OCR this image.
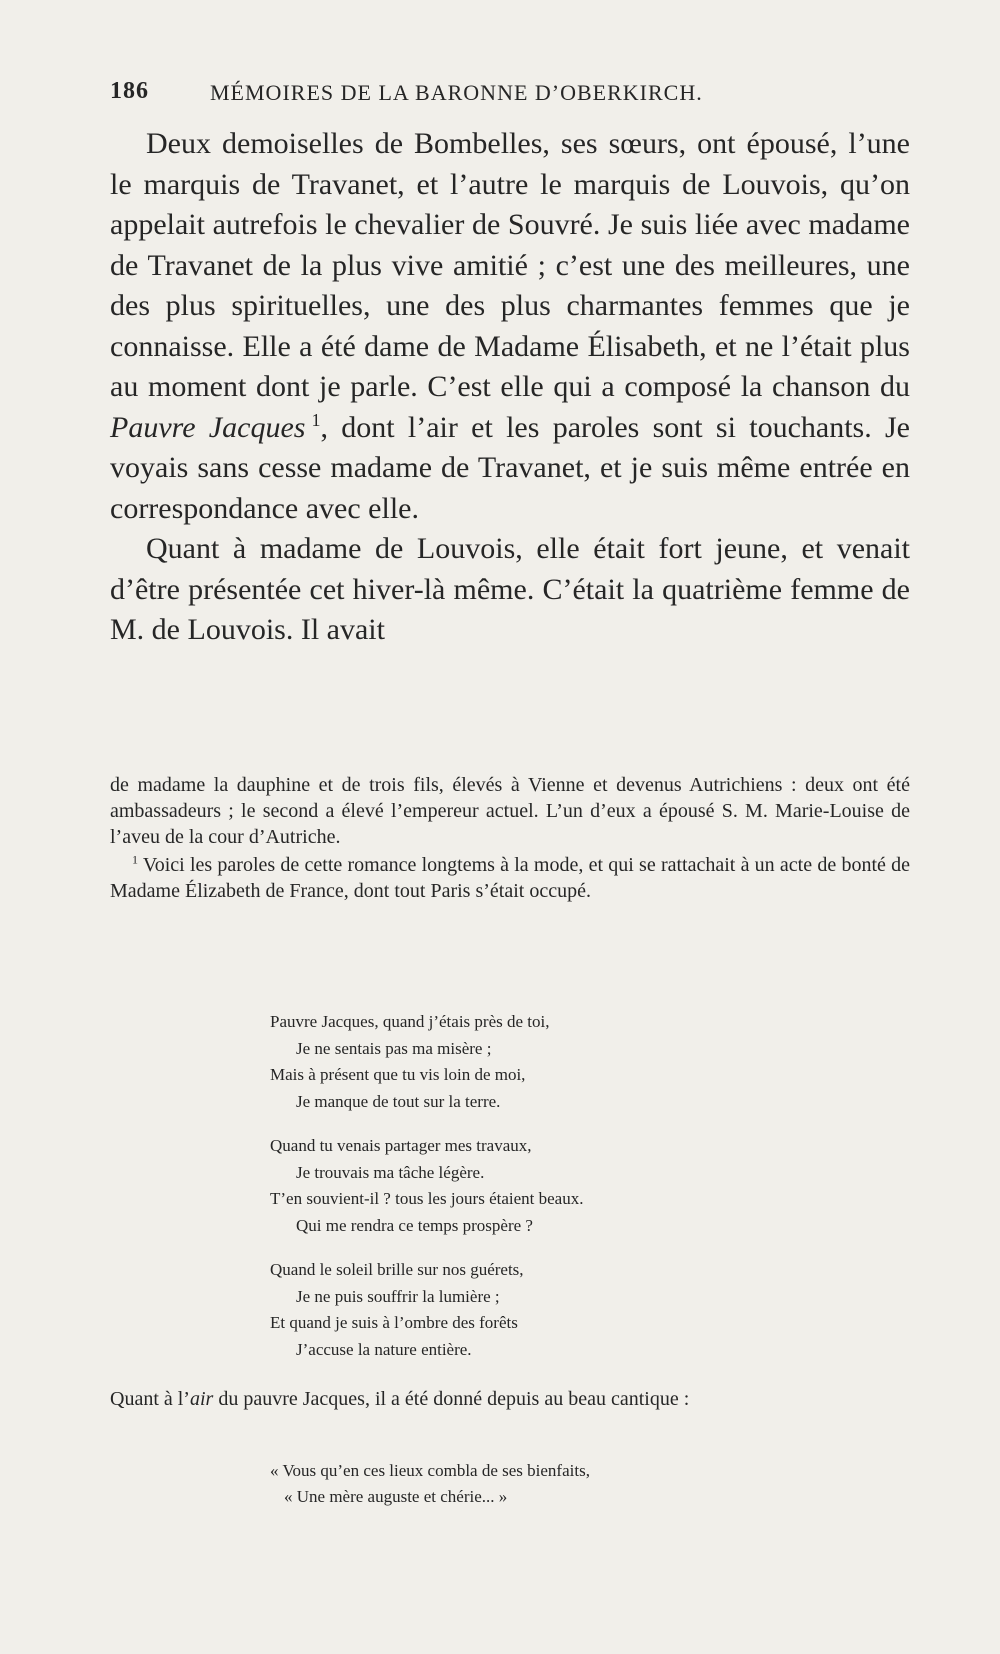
186	MÉMOIRES DE LA BARONNE D’OBERKIRCH.

Deux demoiselles de Bombelles, ses sœurs, ont épousé, l’une le marquis de Travanet, et l’autre le marquis de Louvois, qu’on appelait autrefois le chevalier de Souvré. Je suis liée avec madame de Travanet de la plus vive amitié ; c’est une des meilleures, une des plus spirituelles, une des plus charmantes femmes que je connaisse. Elle a été dame de Madame Élisabeth, et ne l’était plus au moment dont je parle. C’est elle qui a composé la chanson du Pauvre Jacques  $^1$, dont l’air et les paroles sont si touchants. Je voyais sans cesse madame de Travanet, et je suis même entrée en correspondance avec elle.

Quant à madame de Louvois, elle était fort jeune, et venait d’être présentée cet hiver-là même. C’était la quatrième femme de M. de Louvois. Il avait

de madame la dauphine et de trois fils, élevés à Vienne et devenus Autrichiens : deux ont été ambassadeurs ; le second a élevé l’empereur actuel. L’un d’eux a épousé S. M. Marie-Louise de l’aveu de la cour d’Autriche.

$^1$ Voici les paroles de cette romance longtems à la mode, et qui se rattachait à un acte de bonté de Madame Élizabeth de France, dont tout Paris s’était occupé.

Pauvre Jacques, quand j’étais près de toi,
Je ne sentais pas ma misère ;
Mais à présent que tu vis loin de moi,
Je manque de tout sur la terre.
Quand tu venais partager mes travaux,
Je trouvais ma tâche légère.
T’en souvient-il ? tous les jours étaient beaux.
Qui me rendra ce temps prospère ?
Quand le soleil brille sur nos guérets,
Je ne puis souffrir la lumière ;
Et quand je suis à l’ombre des forêts
J’accuse la nature entière.

Quant à l’air du pauvre Jacques, il a été donné depuis au beau cantique :

« Vous qu’en ces lieux combla de ses bienfaits,
« Une mère auguste et chérie... »
